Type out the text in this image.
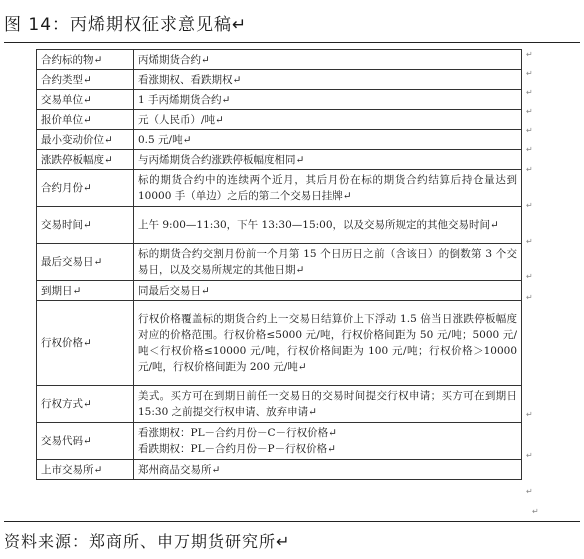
图 14：丙烯期权征求意见稿↵
合约标的物↵	丙烯期货合约↵
合约类型↵	看涨期权、看跌期权↵
交易单位↵	1 手丙烯期货合约↵
报价单位↵	元（人民币）/吨↵
最小变动价位↵	0.5 元/吨↵
涨跌停板幅度↵	与丙烯期货合约涨跌停板幅度相同↵
合约月份↵	标的期货合约中的连续两个近月，其后月份在标的期货合约结算后持仓量达到 10000 手（单边）之后的第二个交易日挂牌↵
交易时间↵	上午 9:00—11:30，下午 13:30—15:00，以及交易所规定的其他交易时间↵
最后交易日↵	标的期货合约交割月份前一个月第 15 个日历日之前（含该日）的倒数第 3 个交易日，以及交易所规定的其他日期↵
到期日↵	同最后交易日↵
行权价格↵	行权价格覆盖标的期货合约上一交易日结算价上下浮动 1.5 倍当日涨跌停板幅度对应的价格范围。行权价格≤5000 元/吨，行权价格间距为 50 元/吨；5000 元/吨＜行权价格≤10000 元/吨，行权价格间距为 100 元/吨；行权价格＞10000 元/吨，行权价格间距为 200 元/吨↵
行权方式↵	美式。买方可在到期日前任一交易日的交易时间提交行权申请；买方可在到期日 15:30 之前提交行权申请、放弃申请↵
交易代码↵	看涨期权：PL－合约月份－C－行权价格↵
看跌期权：PL－合约月份－P－行权价格↵
上市交易所↵	郑州商品交易所↵
↵
↵
↵
↵
↵
↵
↵
↵
↵
↵
↵
↵
↵
↵
↵
资料来源：郑商所、申万期货研究所↵
